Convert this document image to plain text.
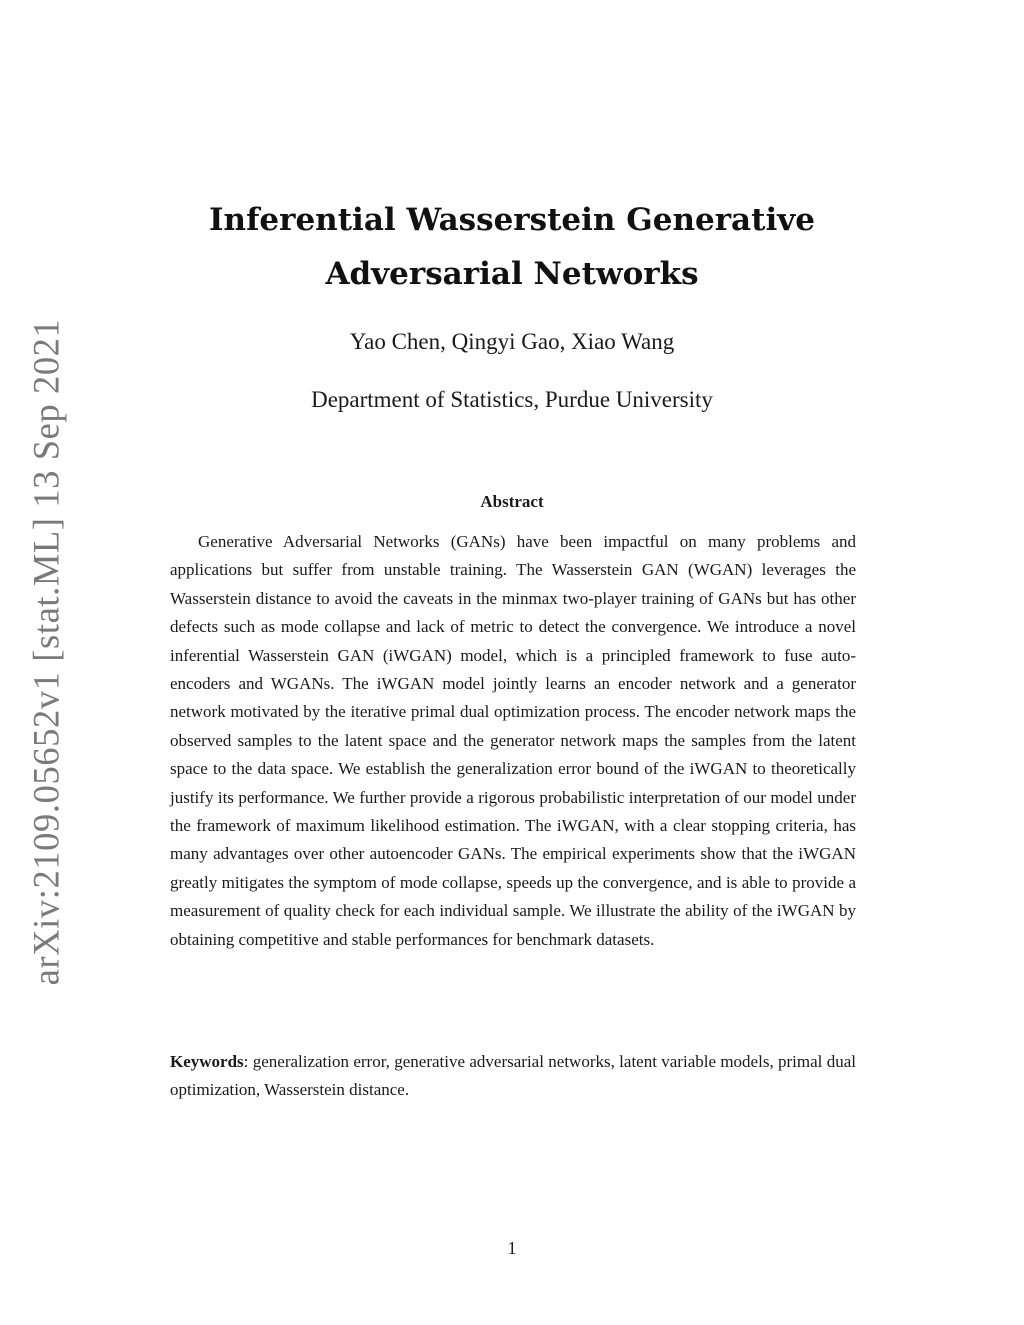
arXiv:2109.05652v1 [stat.ML] 13 Sep 2021
Inferential Wasserstein Generative
Adversarial Networks
Yao Chen, Qingyi Gao, Xiao Wang
Department of Statistics, Purdue University
Abstract

Generative Adversarial Networks (GANs) have been impactful on many problems and applications but suffer from unstable training. The Wasserstein GAN (WGAN) leverages the Wasserstein distance to avoid the caveats in the minmax two-player training of GANs but has other defects such as mode collapse and lack of metric to detect the convergence. We introduce a novel inferential Wasserstein GAN (iWGAN) model, which is a principled framework to fuse auto-encoders and WGANs. The iWGAN model jointly learns an encoder network and a generator network motivated by the iterative primal dual optimization process. The encoder network maps the observed samples to the latent space and the generator network maps the samples from the latent space to the data space. We establish the generalization error bound of the iWGAN to theoretically justify its performance. We further provide a rigorous probabilistic interpretation of our model under the framework of maximum likelihood estimation. The iWGAN, with a clear stopping criteria, has many advantages over other autoencoder GANs. The empirical experiments show that the iWGAN greatly mitigates the symptom of mode collapse, speeds up the convergence, and is able to provide a measurement of quality check for each individual sample. We illustrate the ability of the iWGAN by obtaining competitive and stable performances for benchmark datasets.

Keywords: generalization error, generative adversarial networks, latent variable models, primal dual optimization, Wasserstein distance.

1
